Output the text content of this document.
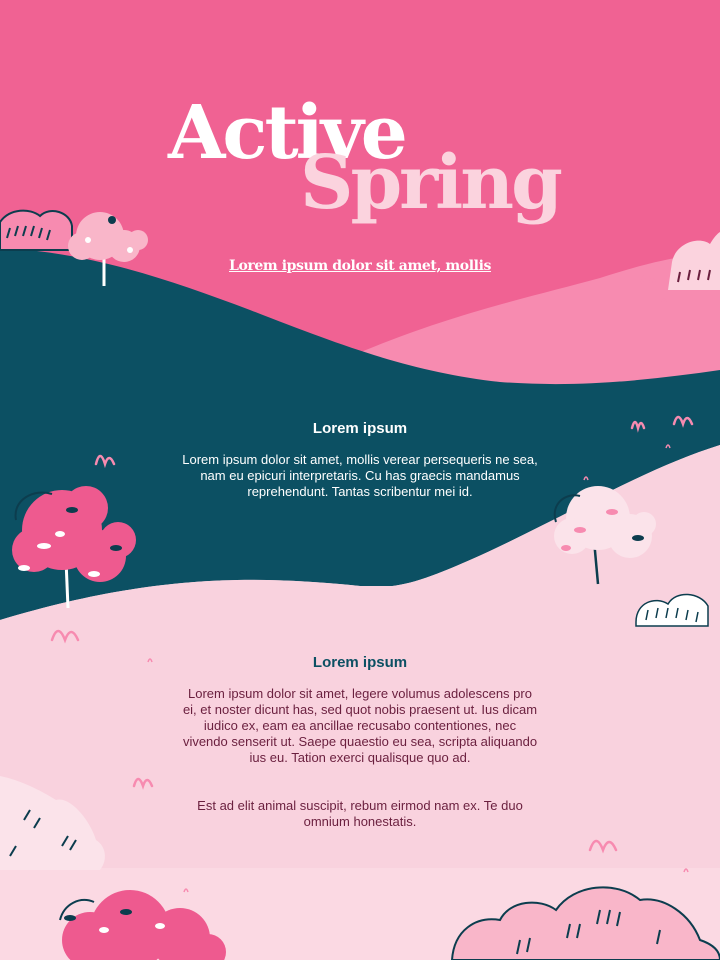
Active
Spring
Lorem ipsum dolor sit amet, mollis
Lorem ipsum

Lorem ipsum dolor sit amet, mollis verear persequeris ne sea, nam eu epicuri interpretaris. Cu has graecis mandamus reprehendunt. Tantas scribentur mei id.

Lorem ipsum

Lorem ipsum dolor sit amet, legere volumus adolescens pro ei, et noster dicunt has, sed quot nobis praesent ut. Ius dicam iudico ex, eam ea ancillae recusabo contentiones, nec vivendo senserit ut. Saepe quaestio eu sea, scripta aliquando ius eu. Tation exerci qualisque quo ad.

Est ad elit animal suscipit, rebum eirmod nam ex. Te duo omnium honestatis.
